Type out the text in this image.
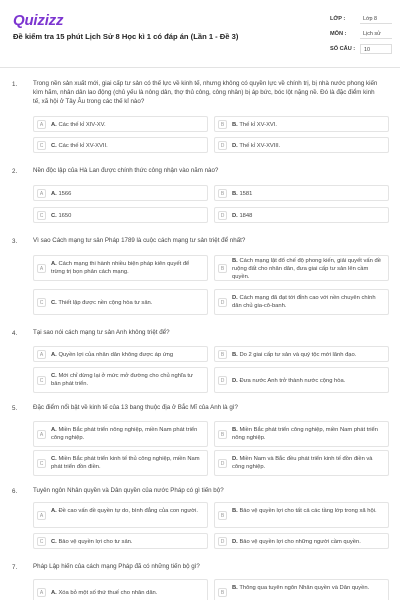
Quizizz
Đề kiểm tra 15 phút Lịch Sử 8 Học kì 1 có đáp án (Lần 1 - Đề 3)
LỚP :	Lớp 8
MÔN :	Lịch sử
SỐ CÂU :	10
1.	Trong nền sản xuất mới, giai cấp tư sản có thế lực về kinh tế, nhưng không có quyền lực về chính trị, bị nhà nước phong kiến kìm hãm, nhân dân lao động (chủ yếu là nông dân, thợ thủ công, công nhân) bị áp bức, bóc lột nặng nề. Đó là đặc điểm kinh tế, xã hội ở Tây Âu trong các thế kỉ nào?
A	A. Các thế kỉ XIV-XV.	B	B. Thế kỉ XV-XVI.
C	C. Các thế kỉ XV-XVII.	D	D. Thế kỉ XV-XVIII.
2.	Nền độc lập của Hà Lan được chính thức công nhận vào năm nào?
A	A. 1566	B	B. 1581
C	C. 1650	D	D. 1848
3.	Vì sao Cách mạng tư sản Pháp 1789 là cuộc cách mạng tư sản triệt để nhất?
A
A. Cách mạng thi hành nhiều biện pháp kiên quyết để trừng trị bọn phản cách mạng.	B
B. Cách mạng lật đổ chế độ phong kiến, giải quyết vấn đề ruộng đất cho nhân dân, đưa giai cấp tư sản lên cầm quyền.
C	C. Thiết lập được nền cộng hòa tư sản.	D
D. Cách mạng đã đạt tới đỉnh cao với nền chuyên chính dân chủ gia-cô-banh.
4.	Tại sao nói cách mạng tư sản Anh không triệt để?
A	A. Quyền lợi của nhân dân không được áp ứng	B	B. Do 2 giai cấp tư sản và quý tộc mới lãnh đạo.
C
C. Mới chỉ dừng lại ở mức mở đường cho chủ nghĩa tư bản phát triển.	D	D. Đưa nước Anh trở thành nước cộng hòa.
5.	Đặc điểm nổi bật về kinh tế của 13 bang thuộc địa ở Bắc Mĩ của Anh là gì?
A
A. Miền Bắc phát triển nông nghiệp, miền Nam phát triển công nghiệp.	B
B. Miền Bắc phát triển công nghiệp, miền Nam phát triển nông nghiệp.
C
C. Miền Bắc phát triển kinh tế thủ công nghiệp, miền Nam phát triển đồn điền.	D
D. Miền Nam và Bắc đều phát triển kinh tế đồn điền và công nghiệp.
6.	Tuyên ngôn Nhân quyền và Dân quyền của nước Pháp có gì tiến bộ?
A
A. Đề cao vấn đề quyền tự do, bình đẳng của con người.
B
B. Bảo vệ quyền lợi cho tất cả các tầng lớp trong xã hội.
C	C. Bảo vệ quyền lợi cho tư sản.	D	D. Bảo vệ quyền lợi cho những người cầm quyền.
7.	Pháp Lập hiến của cách mạng Pháp đã có những tiến bộ gì?
A	A. Xóa bỏ một số thứ thuế cho nhân dân.	B
B. Thông qua tuyên ngôn Nhân quyền và Dân quyền.
